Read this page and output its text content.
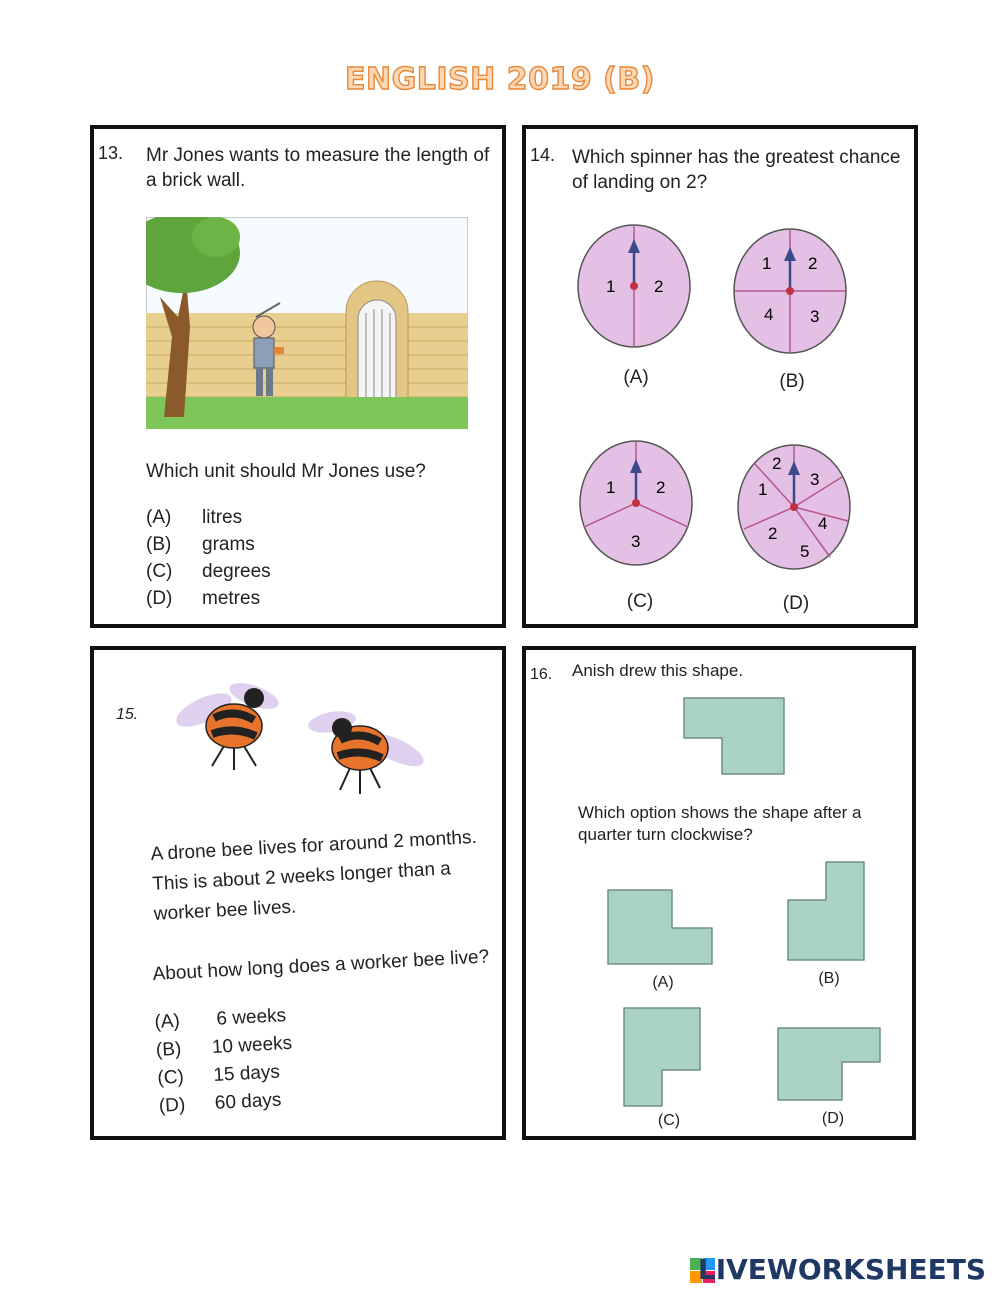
ENGLISH 2019 (B)
13. Mr Jones wants to measure the length of a brick wall.
Which unit should Mr Jones use?
(A) litres
(B) grams
(C) degrees
(D) metres
14. Which spinner has the greatest chance of landing on 2?
1 2
1 2
4 3
1 2
3
2
3
1
4
2
5
(A)	(B)
(C)	(D)
15.
A drone bee lives for around 2 months.
This is about 2 weeks longer than a
worker bee lives.
About how long does a worker bee live?
(A) 6 weeks
(B) 10 weeks
(C) 15 days
(D) 60 days
16. Anish drew this shape.
Which option shows the shape after a quarter turn clockwise?
(A)	(B)
(C)	(D)
LIVEWORKSHEETS
